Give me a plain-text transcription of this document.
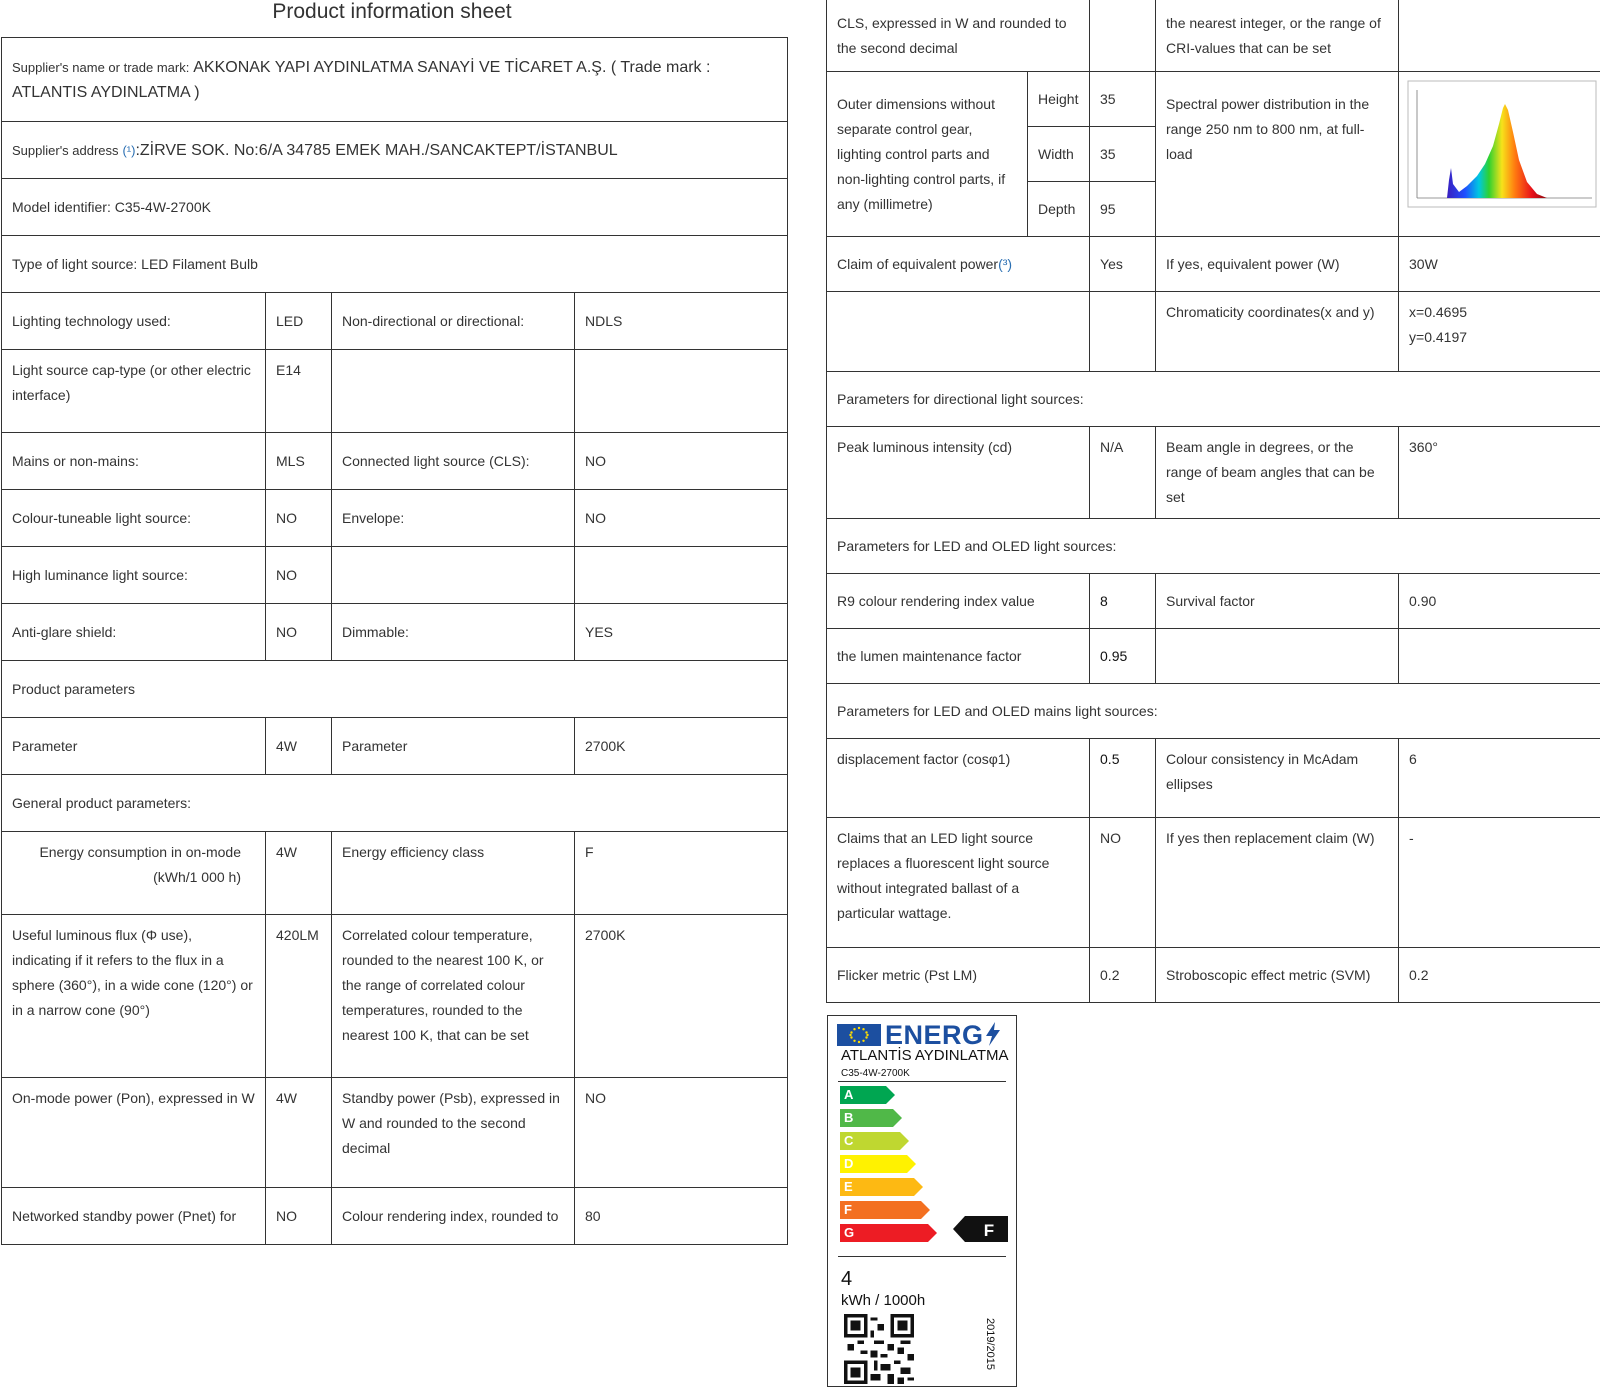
Product information sheet
Supplier's name or trade mark: AKKONAK YAPI AYDINLATMA SANAYİ VE TİCARET A.Ş. ( Trade mark : ATLANTIS AYDINLATMA )			
Supplier's address (¹):ZİRVE SOK. No:6/A 34785 EMEK MAH./SANCAKTEPT/İSTANBUL			
Model identifier: C35-4W-2700K			
Type of light source: LED Filament Bulb			
Lighting technology used:	LED	Non-directional or directional:	NDLS
Light source cap-type (or other electric interface)	E14		
Mains or non-mains:	MLS	Connected light source (CLS):	NO
Colour-tuneable light source:	NO	Envelope:	NO
High luminance light source:	NO		
Anti-glare shield:	NO	Dimmable:	YES
Product parameters			
Parameter	4W	Parameter	2700K
General product parameters:			
Energy consumption in on-mode (kWh/1 000 h)	4W	Energy efficiency class	F
Useful luminous flux (Φ use), indicating if it refers to the flux in a sphere (360°), in a wide cone (120°) or in a narrow cone (90°)	420LM	Correlated colour temperature, rounded to the nearest 100 K, or the range of correlated colour temperatures, rounded to the nearest 100 K, that can be set	2700K
On-mode power (Pon), expressed in W	4W	Standby power (Psb), expressed in W and rounded to the second decimal	NO
Networked standby power (Pnet) for	NO	Colour rendering index, rounded to	80
CLS, expressed in W and rounded to the second decimal			the nearest integer, or the range of CRI-values that can be set	
Outer dimensions without separate control gear, lighting control parts and non-lighting control parts, if any (millimetre)	Height	35	Spectral power distribution in the range 250 nm to 800 nm, at full-load	

	Width	35		
	Depth	95		
Claim of equivalent power(³)		Yes	If yes, equivalent power (W)	30W
			Chromaticity coordinates(x and y)	x=0.4695
y=0.4197

Parameters for directional light sources:				
Peak luminous intensity (cd)		N/A	Beam angle in degrees, or the range of beam angles that can be set	360°
Parameters for LED and OLED light sources:				
R9 colour rendering index value		8	Survival factor	0.90
the lumen maintenance factor		0.95		
Parameters for LED and OLED mains light sources:				
displacement factor (cosφ1)		0.5	Colour consistency in McAdam ellipses	6
Claims that an LED light source replaces a fluorescent light source without integrated ballast of a particular wattage.		NO	If yes then replacement claim (W)	-
Flicker metric (Pst LM)		0.2	Stroboscopic effect metric (SVM)	0.2
ENERG
ATLANTİS AYDINLATMA
C35-4W-2700K
A
B
C
D
E
F
G	F
4
kWh / 1000h
2019/2015
